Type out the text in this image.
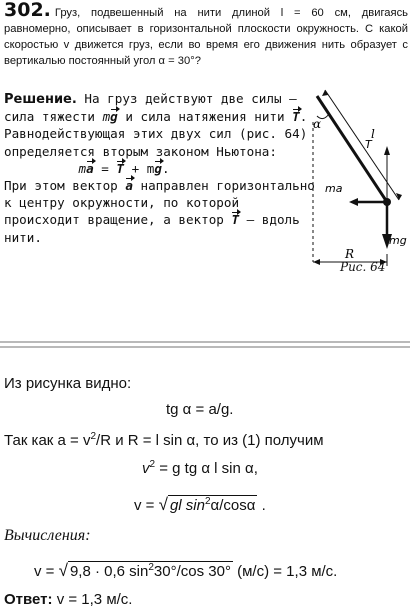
302. Груз, подвешенный на нити длиной l = 60 см, двигаясь равномерно, описывает в горизонтальной плоскости окружность. С какой скоростью v движется груз, если во время его движения нить образует с вертикалью постоянный угол α = 30°?
Решение. На груз действуют две силы — сила тяжести mg и сила натяжения нити T. Равнодействующая этих двух сил (рис. 64) определяется вторым законом Ньютона:
ma = T + mg.
При этом вектор a направлен горизонтально к центру окружности, по которой происходит вращение, а вектор T — вдоль нити.
α
l
T
ma
mg
R
Рис. 64
Из рисунка видно:
tg α = a/g.
Так как $a = v^2/R$ и R = l sin α, то из (1) получим
$v^2 = g$ tg α l sin α,
v = √ gl $\sin^2\alpha$/cosα .
Вычисления:
v = √ 9,8 · 0,6 $\sin^230^\circ/\cos$ 30° (м/с) = 1,3 м/с.
Ответ: v = 1,3 м/с.
